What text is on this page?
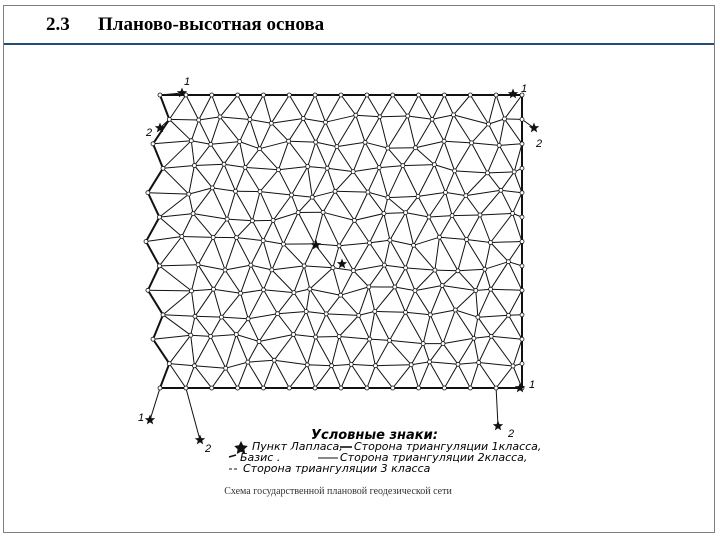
2.3 Планово-высотная основа
1
2
1
2
1
2
1
2
Условные знаки:
Пункт Лапласа, Сторона триангуляции 1класса,
Базис .	Сторона триангуляции 2класса,
Сторона триангуляции 3 класса
Схема государственной плановой геодезической сети
